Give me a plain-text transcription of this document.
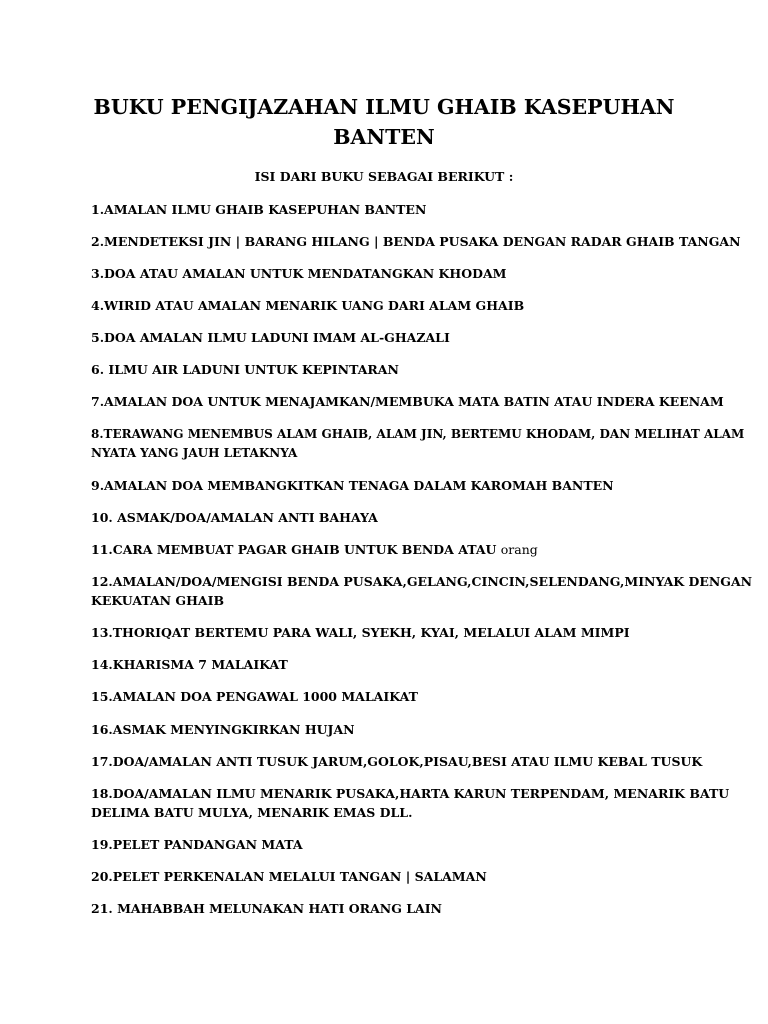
BUKU PENGIJAZAHAN ILMU GHAIB KASEPUHAN
BANTEN
ISI DARI BUKU SEBAGAI BERIKUT :
1.AMALAN ILMU GHAIB KASEPUHAN BANTEN
2.MENDETEKSI JIN | BARANG HILANG | BENDA PUSAKA DENGAN RADAR GHAIB TANGAN
3.DOA ATAU AMALAN UNTUK MENDATANGKAN KHODAM
4.WIRID ATAU AMALAN MENARIK UANG DARI ALAM GHAIB
5.DOA AMALAN ILMU LADUNI IMAM AL-GHAZALI
6. ILMU AIR LADUNI UNTUK KEPINTARAN
7.AMALAN DOA UNTUK MENAJAMKAN/MEMBUKA MATA BATIN ATAU INDERA KEENAM
8.TERAWANG MENEMBUS ALAM GHAIB, ALAM JIN, BERTEMU KHODAM, DAN MELIHAT ALAM
NYATA YANG JAUH LETAKNYA
9.AMALAN DOA MEMBANGKITKAN TENAGA DALAM KAROMAH BANTEN
10. ASMAK/DOA/AMALAN ANTI BAHAYA
11.CARA MEMBUAT PAGAR GHAIB UNTUK BENDA ATAU orang
12.AMALAN/DOA/MENGISI BENDA PUSAKA,GELANG,CINCIN,SELENDANG,MINYAK DENGAN
KEKUATAN GHAIB
13.THORIQAT BERTEMU PARA WALI, SYEKH, KYAI, MELALUI ALAM MIMPI
14.KHARISMA 7 MALAIKAT
15.AMALAN DOA PENGAWAL 1000 MALAIKAT
16.ASMAK MENYINGKIRKAN HUJAN
17.DOA/AMALAN ANTI TUSUK JARUM,GOLOK,PISAU,BESI ATAU ILMU KEBAL TUSUK
18.DOA/AMALAN ILMU MENARIK PUSAKA,HARTA KARUN TERPENDAM, MENARIK BATU
DELIMA BATU MULYA, MENARIK EMAS DLL.
19.PELET PANDANGAN MATA
20.PELET PERKENALAN MELALUI TANGAN | SALAMAN
21. MAHABBAH MELUNAKAN HATI ORANG LAIN
